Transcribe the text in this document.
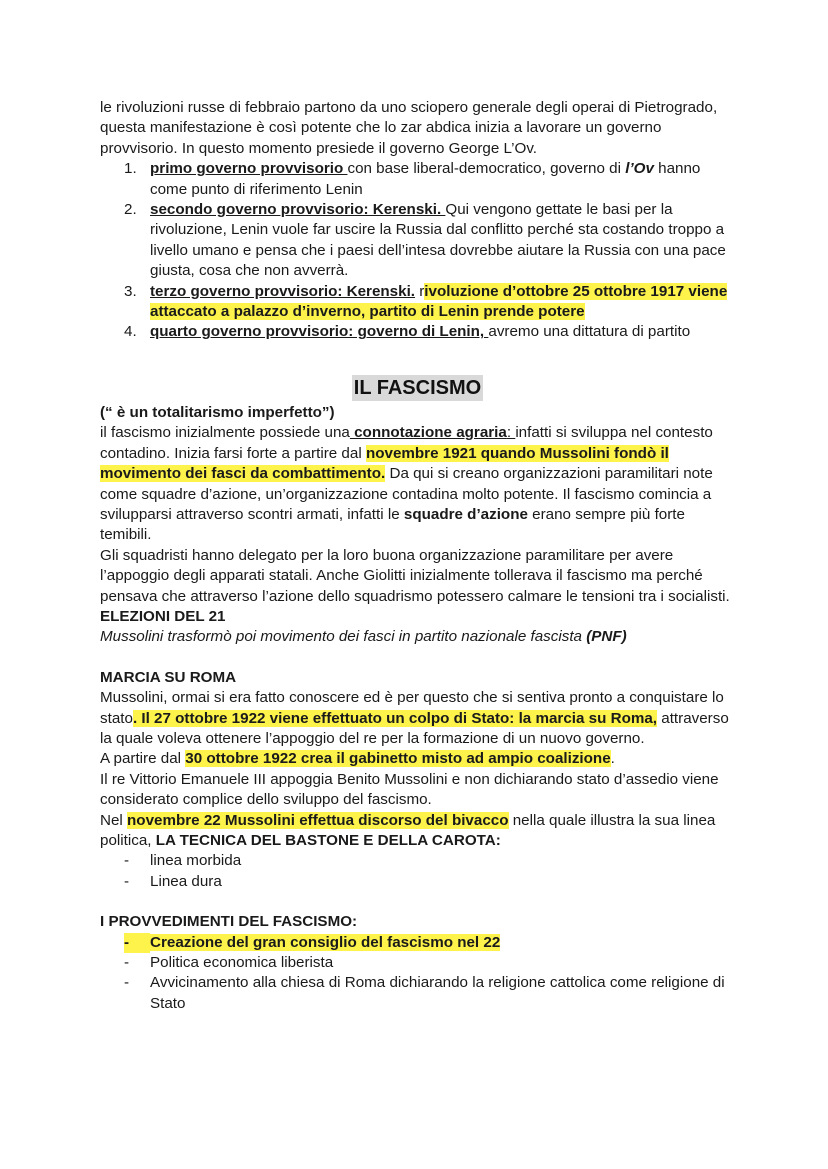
le rivoluzioni russe di febbraio partono da uno sciopero generale degli operai di Pietrogrado, questa manifestazione è così potente che lo zar abdica inizia a lavorare un governo provvisorio. In questo momento presiede il governo George L’Ov.

1. primo governo provvisorio con base liberal-democratico, governo di l’Ov hanno come punto di riferimento Lenin
2. secondo governo provvisorio: Kerenski. Qui vengono gettate le basi per la rivoluzione, Lenin vuole far uscire la Russia dal conflitto perché sta costando troppo a livello umano e pensa che i paesi dell’intesa dovrebbe aiutare la Russia con una pace giusta, cosa che non avverrà.
3. terzo governo provvisorio: Kerenski. rivoluzione d’ottobre 25 ottobre 1917 viene attaccato a palazzo d’inverno, partito di Lenin prende potere
4. quarto governo provvisorio: governo di Lenin, avremo una dittatura di partito
IL FASCISMO

(“ è un totalitarismo imperfetto”)

il fascismo inizialmente possiede una connotazione agraria: infatti si sviluppa nel contesto contadino. Inizia farsi forte a partire dal novembre 1921 quando Mussolini fondò il movimento dei fasci da combattimento. Da qui si creano organizzazioni paramilitari note come squadre d’azione, un’organizzazione contadina molto potente. Il fascismo comincia a svilupparsi attraverso scontri armati, infatti le squadre d’azione erano sempre più forte temibili.

Gli squadristi hanno delegato per la loro buona organizzazione paramilitare per avere l’appoggio degli apparati statali. Anche Giolitti inizialmente tollerava il fascismo ma perché pensava che attraverso l’azione dello squadrismo potessero calmare le tensioni tra i socialisti.

ELEZIONI DEL 21

Mussolini trasformò poi movimento dei fasci in partito nazionale fascista (PNF)

MARCIA SU ROMA

Mussolini, ormai si era fatto conoscere ed è per questo che si sentiva pronto a conquistare lo stato. Il 27 ottobre 1922 viene effettuato un colpo di Stato: la marcia su Roma, attraverso la quale voleva ottenere l’appoggio del re per la formazione di un nuovo governo.

A partire dal 30 ottobre 1922 crea il gabinetto misto ad ampio coalizione.

Il re Vittorio Emanuele III appoggia Benito Mussolini e non dichiarando stato d’assedio viene considerato complice dello sviluppo del fascismo.

Nel novembre 22 Mussolini effettua discorso del bivacco nella quale illustra la sua linea politica, LA TECNICA DEL BASTONE E DELLA CAROTA:

- linea morbida
- Linea dura

I PROVVEDIMENTI DEL FASCISMO:

-	Creazione del gran consiglio del fascismo nel 22
- Politica economica liberista
- Avvicinamento alla chiesa di Roma dichiarando la religione cattolica come religione di Stato
